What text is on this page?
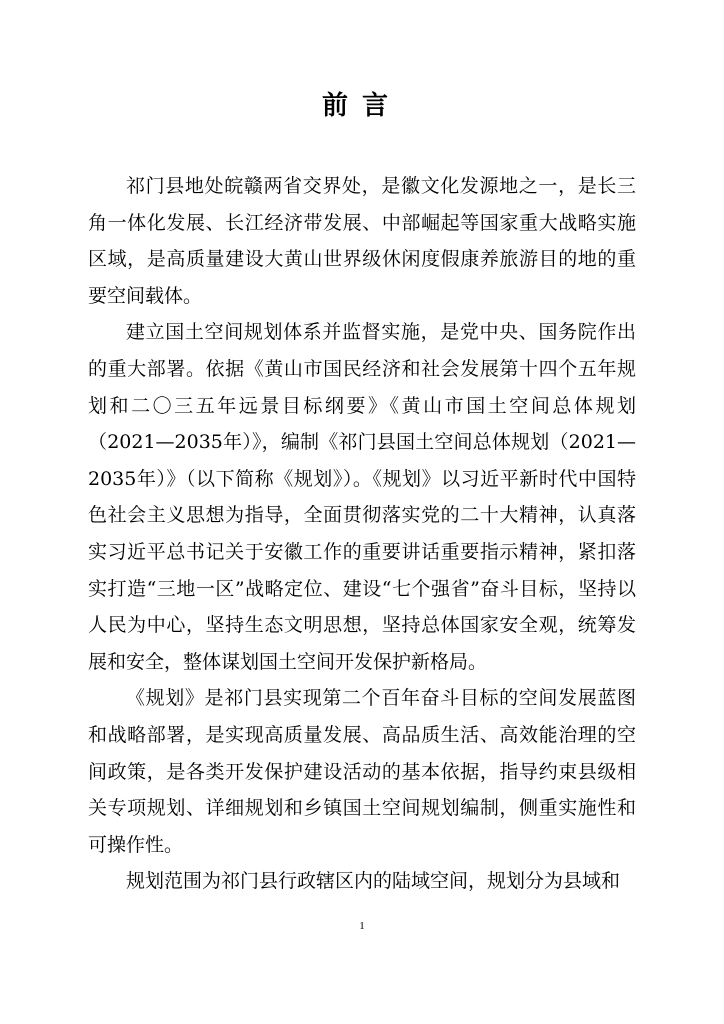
前言

祁门县地处皖赣两省交界处，是徽文化发源地之一，是长三角一体化发展、长江经济带发展、中部崛起等国家重大战略实施区域，是高质量建设大黄山世界级休闲度假康养旅游目的地的重要空间载体。

建立国土空间规划体系并监督实施，是党中央、国务院作出的重大部署。依据《黄山市国民经济和社会发展第十四个五年规划和二〇三五年远景目标纲要》《黄山市国土空间总体规划（2021—2035年）》，编制《祁门县国土空间总体规划（2021—2035年）》（以下简称《规划》）。《规划》以习近平新时代中国特色社会主义思想为指导，全面贯彻落实党的二十大精神，认真落实习近平总书记关于安徽工作的重要讲话重要指示精神，紧扣落实打造“三地一区”战略定位、建设“七个强省”奋斗目标，坚持以人民为中心，坚持生态文明思想，坚持总体国家安全观，统筹发展和安全，整体谋划国土空间开发保护新格局。

《规划》是祁门县实现第二个百年奋斗目标的空间发展蓝图和战略部署，是实现高质量发展、高品质生活、高效能治理的空间政策，是各类开发保护建设活动的基本依据，指导约束县级相关专项规划、详细规划和乡镇国土空间规划编制，侧重实施性和可操作性。

规划范围为祁门县行政辖区内的陆域空间，规划分为县域和

1
